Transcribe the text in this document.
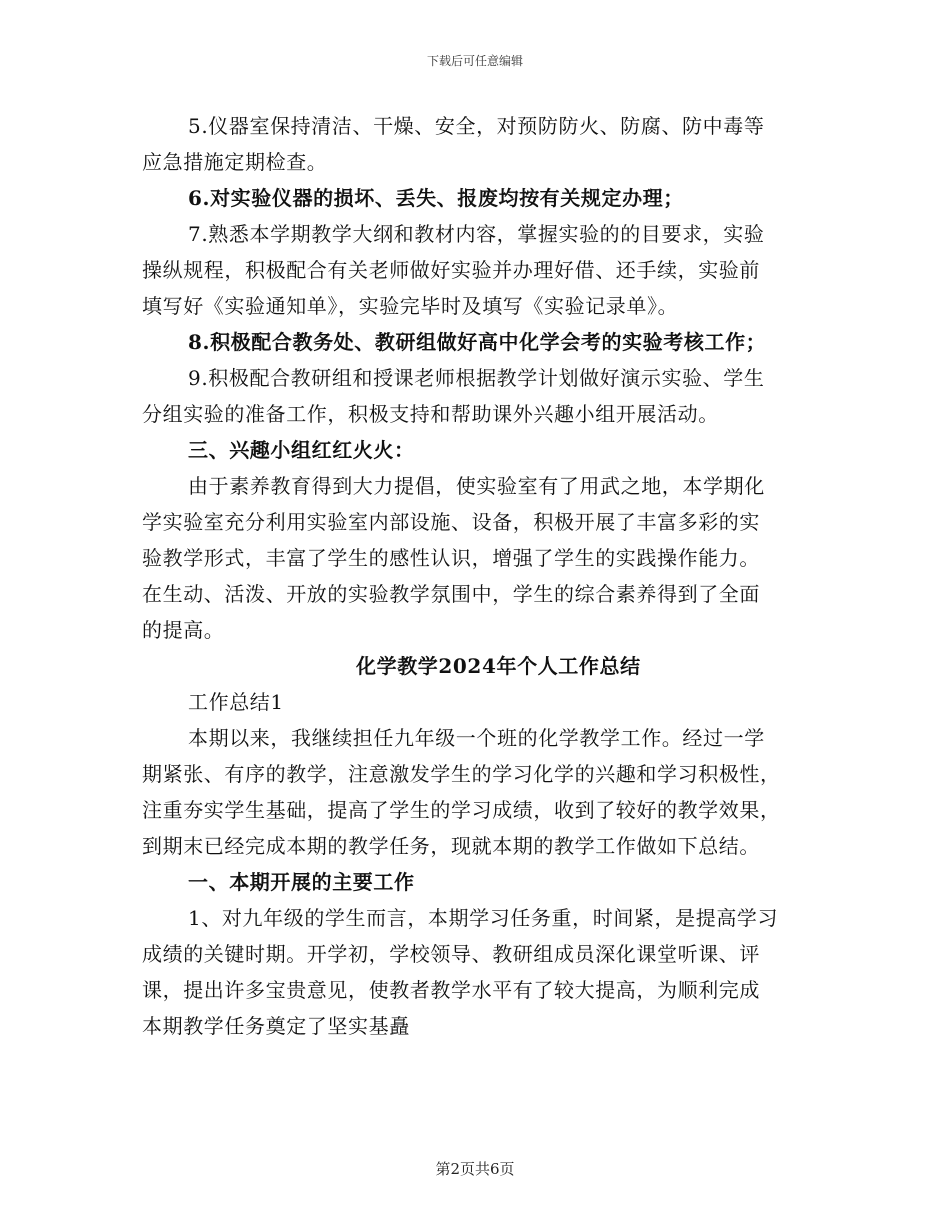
下载后可任意编辑
5.仪器室保持清洁、干燥、安全，对预防防火、防腐、防中毒等
应急措施定期检查。
6.对实验仪器的损坏、丢失、报废均按有关规定办理；
7.熟悉本学期教学大纲和教材内容，掌握实验的的目要求，实验
操纵规程，积极配合有关老师做好实验并办理好借、还手续，实验前
填写好《实验通知单》，实验完毕时及填写《实验记录单》。
8.积极配合教务处、教研组做好高中化学会考的实验考核工作；
9.积极配合教研组和授课老师根据教学计划做好演示实验、学生
分组实验的准备工作，积极支持和帮助课外兴趣小组开展活动。
三、兴趣小组红红火火：
由于素养教育得到大力提倡，使实验室有了用武之地，本学期化
学实验室充分利用实验室内部设施、设备，积极开展了丰富多彩的实
验教学形式，丰富了学生的感性认识，增强了学生的实践操作能力。
在生动、活泼、开放的实验教学氛围中，学生的综合素养得到了全面
的提高。
化学教学2024年个人工作总结
工作总结1
本期以来，我继续担任九年级一个班的化学教学工作。经过一学
期紧张、有序的教学，注意激发学生的学习化学的兴趣和学习积极性，
注重夯实学生基础，提高了学生的学习成绩，收到了较好的教学效果，
到期末已经完成本期的教学任务，现就本期的教学工作做如下总结。
一、本期开展的主要工作
1、对九年级的学生而言，本期学习任务重，时间紧，是提高学习
成绩的关键时期。开学初，学校领导、教研组成员深化课堂听课、评
课，提出许多宝贵意见，使教者教学水平有了较大提高，为顺利完成
本期教学任务奠定了坚实基矗
第2页共6页
